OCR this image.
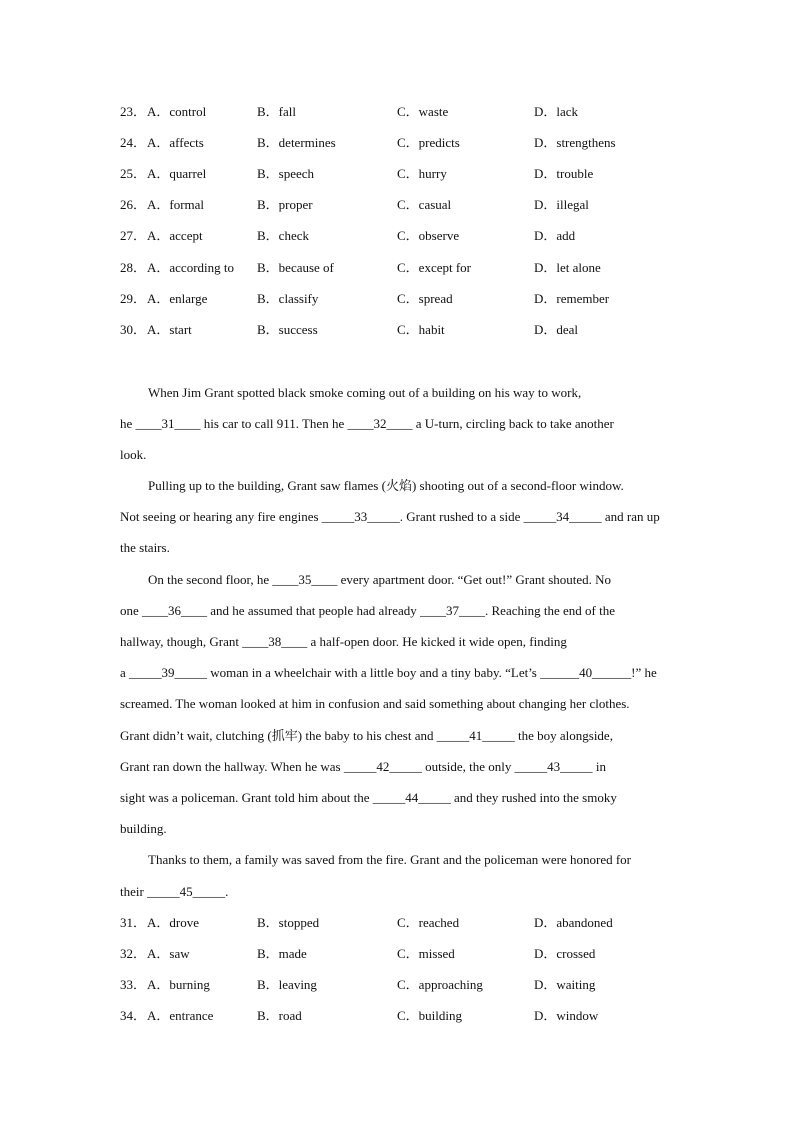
23． A．control	B．fall	C．waste	D．lack
24． A．affects	B．determines	C．predicts	D．strengthens
25． A．quarrel	B．speech	C．hurry	D．trouble
26． A．formal	B．proper	C．casual	D．illegal
27． A．accept	B．check	C．observe	D．add
28． A．according to B．because of	C．except for	D．let alone
29． A．enlarge	B．classify	C．spread	D．remember
30． A．start	B．success	C．habit	D．deal
When Jim Grant spotted black smoke coming out of a building on his way to work,
he ____31____ his car to call 911. Then he ____32____ a U-turn, circling back to take another
look.
Pulling up to the building, Grant saw flames (火焰) shooting out of a second-floor window.
Not seeing or hearing any fire engines _____33_____. Grant rushed to a side _____34_____ and ran up
the stairs.
On the second floor, he ____35____ every apartment door. “Get out!” Grant shouted. No
one ____36____ and he assumed that people had already ____37____. Reaching the end of the
hallway, though, Grant ____38____ a half-open door. He kicked it wide open, finding
a _____39_____ woman in a wheelchair with a little boy and a tiny baby. “Let’s ______40______!” he
screamed. The woman looked at him in confusion and said something about changing her clothes.
Grant didn’t wait, clutching (抓牢) the baby to his chest and _____41_____ the boy alongside,
Grant ran down the hallway. When he was _____42_____ outside, the only _____43_____ in
sight was a policeman. Grant told him about the _____44_____ and they rushed into the smoky
building.
Thanks to them, a family was saved from the fire. Grant and the policeman were honored for
their _____45_____.
31． A．drove	B．stopped	C．reached	D．abandoned
32． A．saw	B．made	C．missed	D．crossed
33． A．burning	B．leaving	C．approaching	D．waiting
34． A．entrance	B．road	C．building	D．window
